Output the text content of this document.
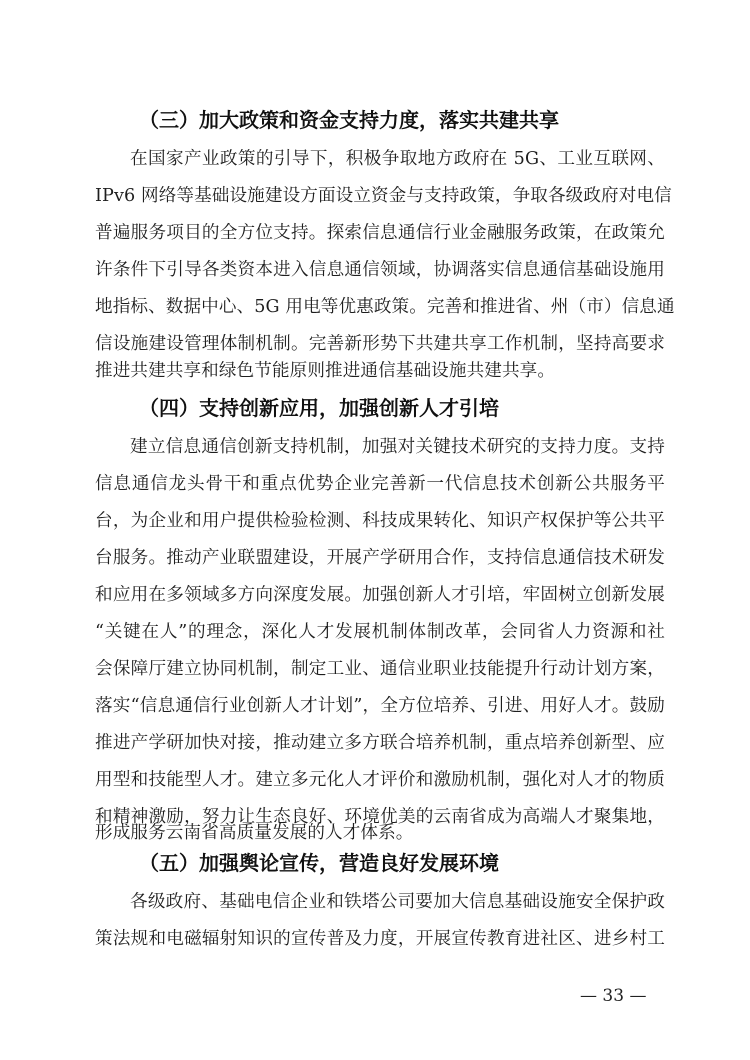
（三）加大政策和资金支持力度，落实共建共享
在国家产业政策的引导下，积极争取地方政府在 5G、工业互联网、
IPv6 网络等基础设施建设方面设立资金与支持政策，争取各级政府对电信
普遍服务项目的全方位支持。探索信息通信行业金融服务政策，在政策允
许条件下引导各类资本进入信息通信领域，协调落实信息通信基础设施用
地指标、数据中心、5G 用电等优惠政策。完善和推进省、州（市）信息通
信设施建设管理体制机制。完善新形势下共建共享工作机制，坚持高要求
推进共建共享和绿色节能原则推进通信基础设施共建共享。
（四）支持创新应用，加强创新人才引培
建立信息通信创新支持机制，加强对关键技术研究的支持力度。支持
信息通信龙头骨干和重点优势企业完善新一代信息技术创新公共服务平
台，为企业和用户提供检验检测、科技成果转化、知识产权保护等公共平
台服务。推动产业联盟建设，开展产学研用合作，支持信息通信技术研发
和应用在多领域多方向深度发展。加强创新人才引培，牢固树立创新发展
“关键在人”的理念，深化人才发展机制体制改革，会同省人力资源和社
会保障厅建立协同机制，制定工业、通信业职业技能提升行动计划方案，
落实“信息通信行业创新人才计划”，全方位培养、引进、用好人才。鼓励
推进产学研加快对接，推动建立多方联合培养机制，重点培养创新型、应
用型和技能型人才。建立多元化人才评价和激励机制，强化对人才的物质
和精神激励，努力让生态良好、环境优美的云南省成为高端人才聚集地，
形成服务云南省高质量发展的人才体系。
（五）加强舆论宣传，营造良好发展环境
各级政府、基础电信企业和铁塔公司要加大信息基础设施安全保护政
策法规和电磁辐射知识的宣传普及力度，开展宣传教育进社区、进乡村工
— 33 —
